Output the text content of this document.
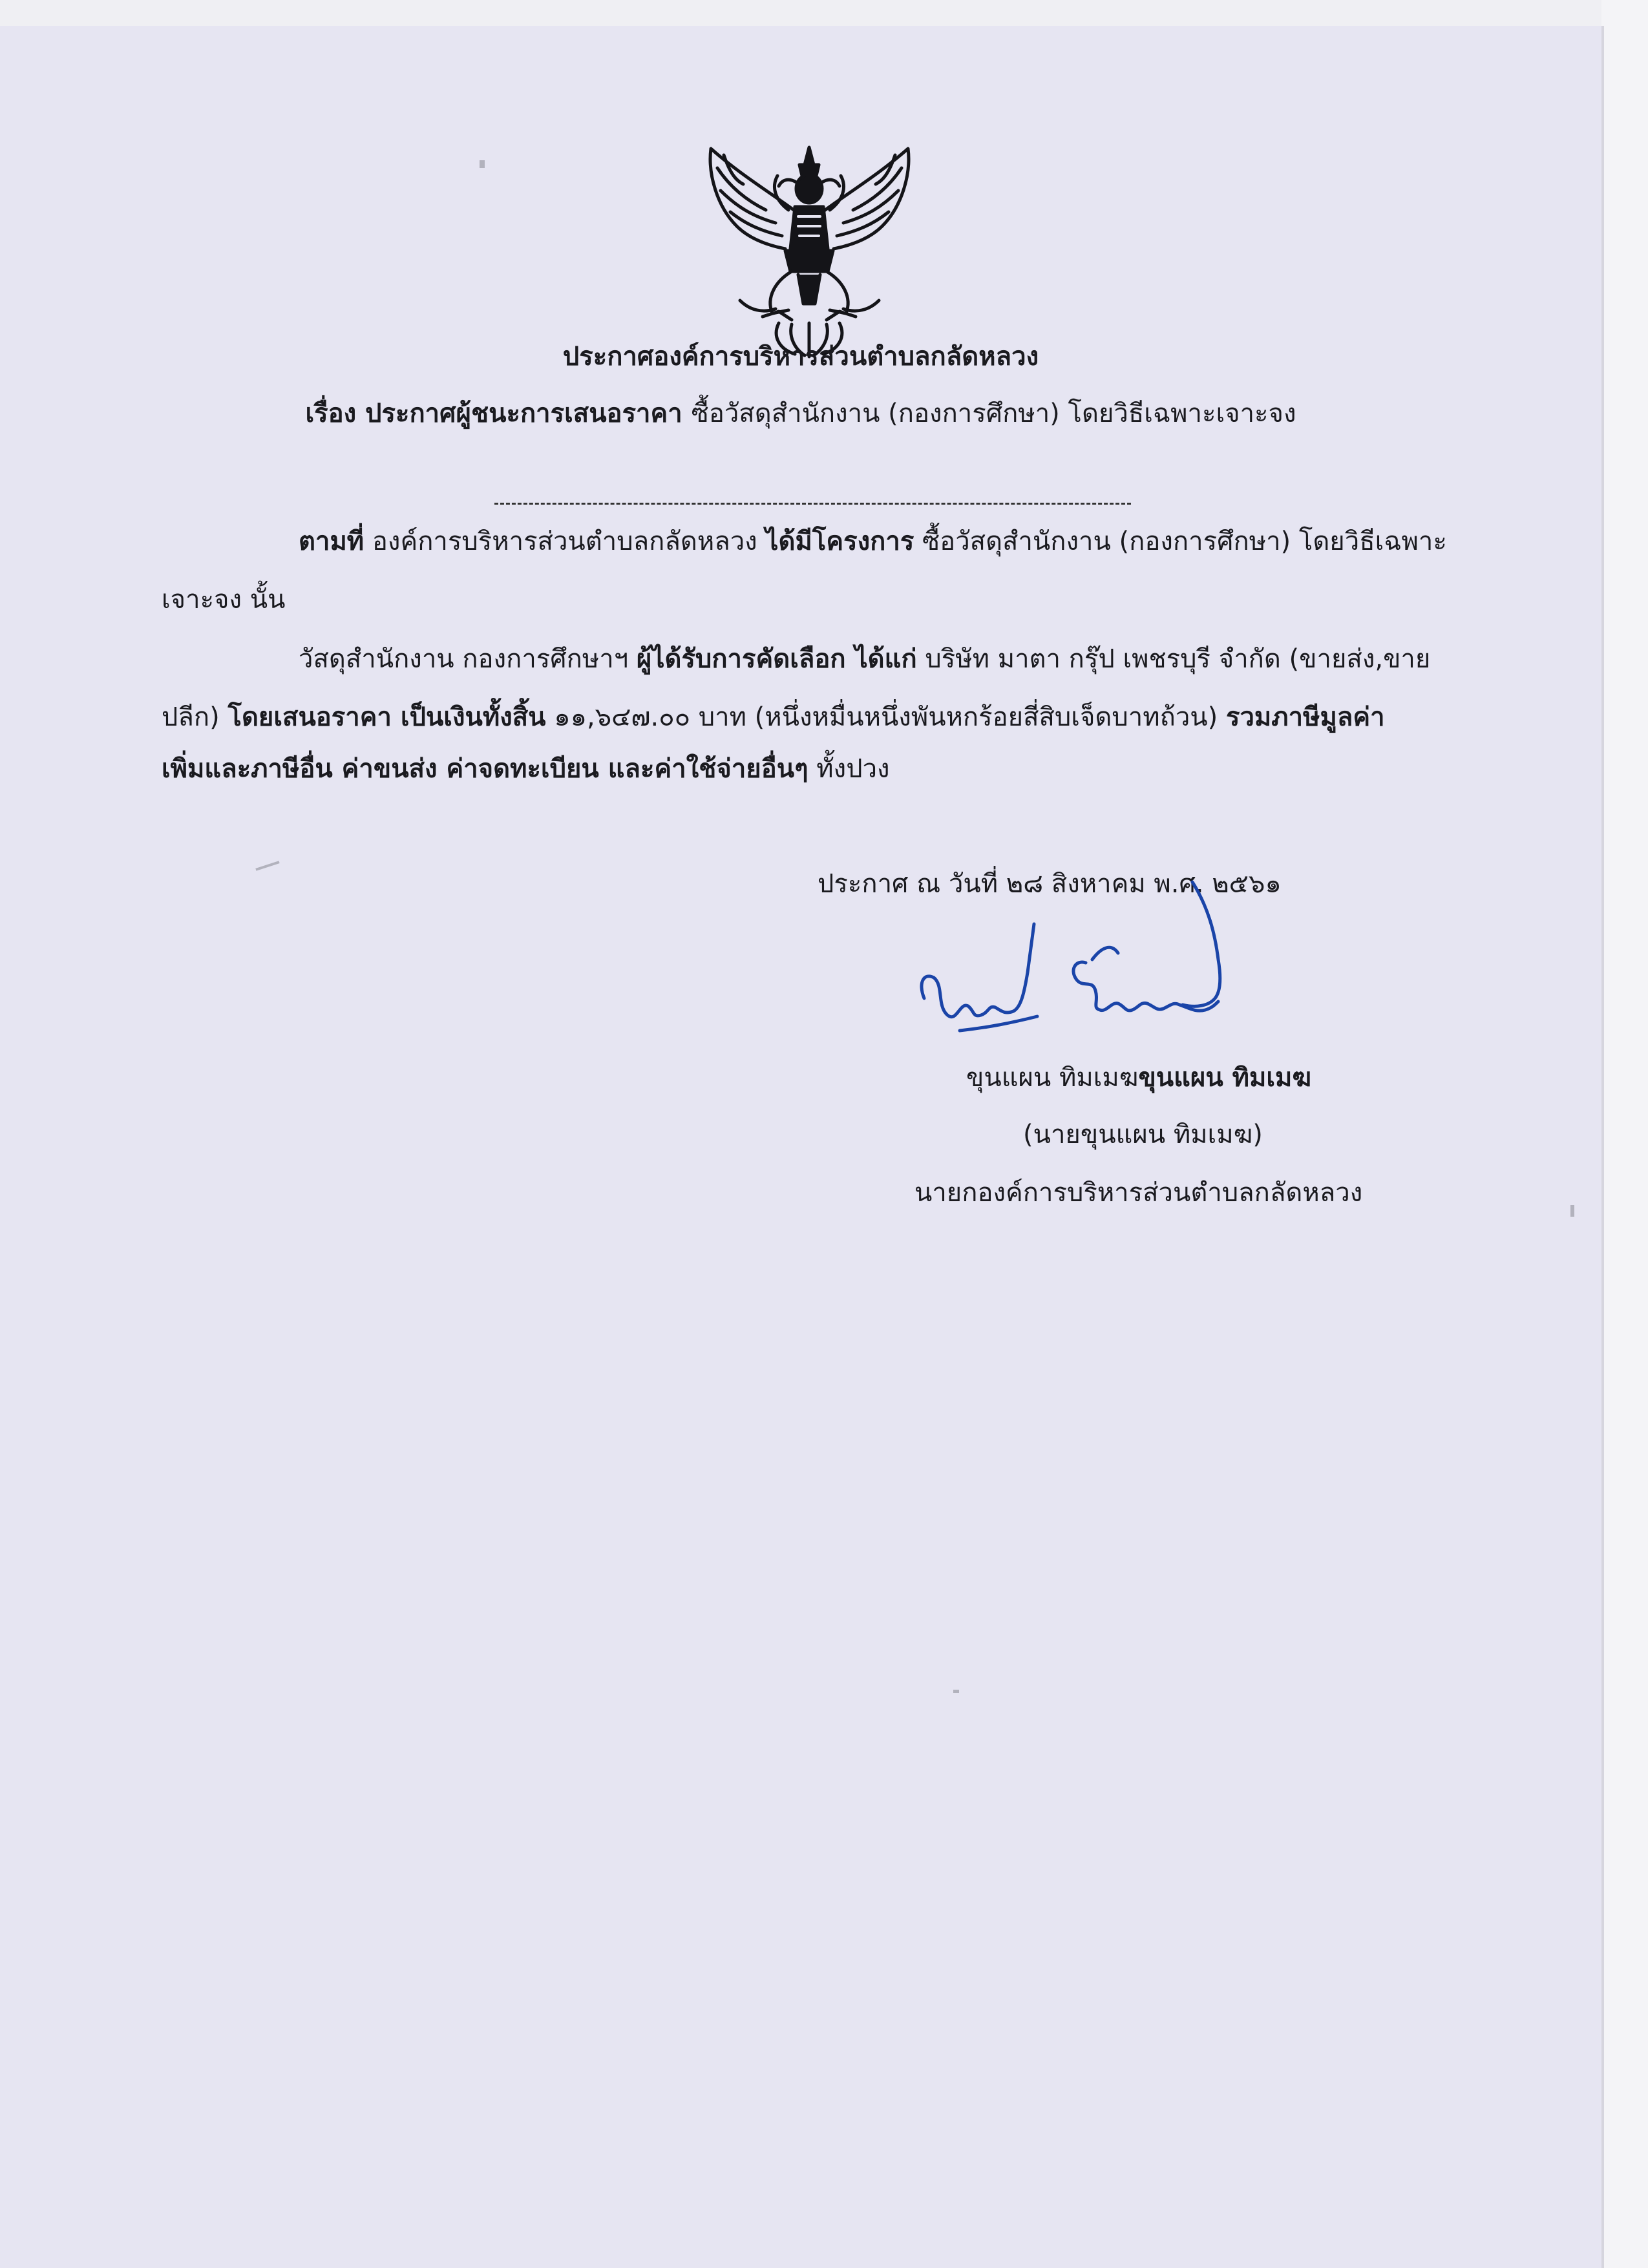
ประกาศองค์การบริหารส่วนตำบลกลัดหลวง
เรื่อง ประกาศผู้ชนะการเสนอราคา ซื้อวัสดุสำนักงาน (กองการศึกษา) โดยวิธีเฉพาะเจาะจง
ตามที่ องค์การบริหารส่วนตำบลกลัดหลวง ได้มีโครงการ ซื้อวัสดุสำนักงาน (กองการศึกษา) โดยวิธีเฉพาะ
เจาะจง นั้น
วัสดุสำนักงาน กองการศึกษาฯ ผู้ได้รับการคัดเลือก ได้แก่ บริษัท มาตา กรุ๊ป เพชรบุรี จำกัด (ขายส่ง,ขาย
ปลีก) โดยเสนอราคา เป็นเงินทั้งสิ้น ๑๑,๖๔๗.๐๐ บาท (หนึ่งหมื่นหนึ่งพันหกร้อยสี่สิบเจ็ดบาทถ้วน) รวมภาษีมูลค่า
เพิ่มและภาษีอื่น ค่าขนส่ง ค่าจดทะเบียน และค่าใช้จ่ายอื่นๆ ทั้งปวง
ประกาศ ณ วันที่ ๒๘ สิงหาคม พ.ศ. ๒๕๖๑
ขุนแผน ทิมเมฆขุนแผน ทิมเมฆ
(นายขุนแผน ทิมเมฆ)
นายกองค์การบริหารส่วนตำบลกลัดหลวง
